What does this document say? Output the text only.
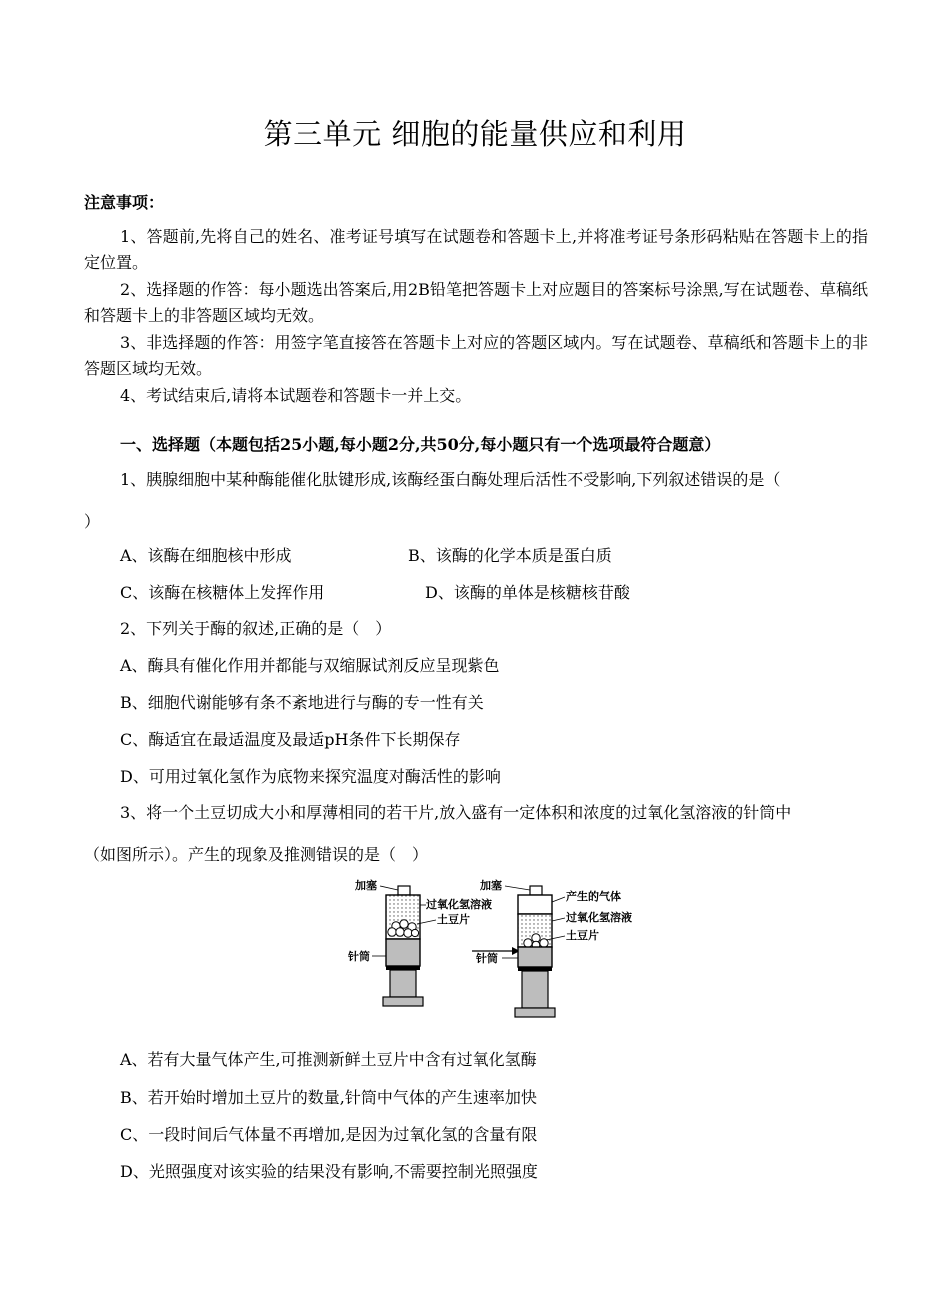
第三单元 细胞的能量供应和利用
注意事项：
1、答题前,先将自己的姓名、准考证号填写在试题卷和答题卡上,并将准考证号条形码粘贴在答题卡上的指定位置。
2、选择题的作答：每小题选出答案后,用2B铅笔把答题卡上对应题目的答案标号涂黑,写在试题卷、草稿纸和答题卡上的非答题区域均无效。
3、非选择题的作答：用签字笔直接答在答题卡上对应的答题区域内。写在试题卷、草稿纸和答题卡上的非答题区域均无效。
4、考试结束后,请将本试题卷和答题卡一并上交。
一、选择题（本题包括25小题,每小题2分,共50分,每小题只有一个选项最符合题意）
1、胰腺细胞中某种酶能催化肽键形成,该酶经蛋白酶处理后活性不受影响,下列叙述错误的是（
）
A、该酶在细胞核中形成	B、该酶的化学本质是蛋白质
C、该酶在核糖体上发挥作用	D、该酶的单体是核糖核苷酸
2、下列关于酶的叙述,正确的是（　）
A、酶具有催化作用并都能与双缩脲试剂反应呈现紫色
B、细胞代谢能够有条不紊地进行与酶的专一性有关
C、酶适宜在最适温度及最适pH条件下长期保存
D、可用过氧化氢作为底物来探究温度对酶活性的影响
3、将一个土豆切成大小和厚薄相同的若干片,放入盛有一定体积和浓度的过氧化氢溶液的针筒中
（如图所示）。产生的现象及推测错误的是（　）
加塞
过氧化氢溶液
土豆片
针筒
加塞
产生的气体
过氧化氢溶液
土豆片
针筒
A、若有大量气体产生,可推测新鲜土豆片中含有过氧化氢酶
B、若开始时增加土豆片的数量,针筒中气体的产生速率加快
C、一段时间后气体量不再增加,是因为过氧化氢的含量有限
D、光照强度对该实验的结果没有影响,不需要控制光照强度
